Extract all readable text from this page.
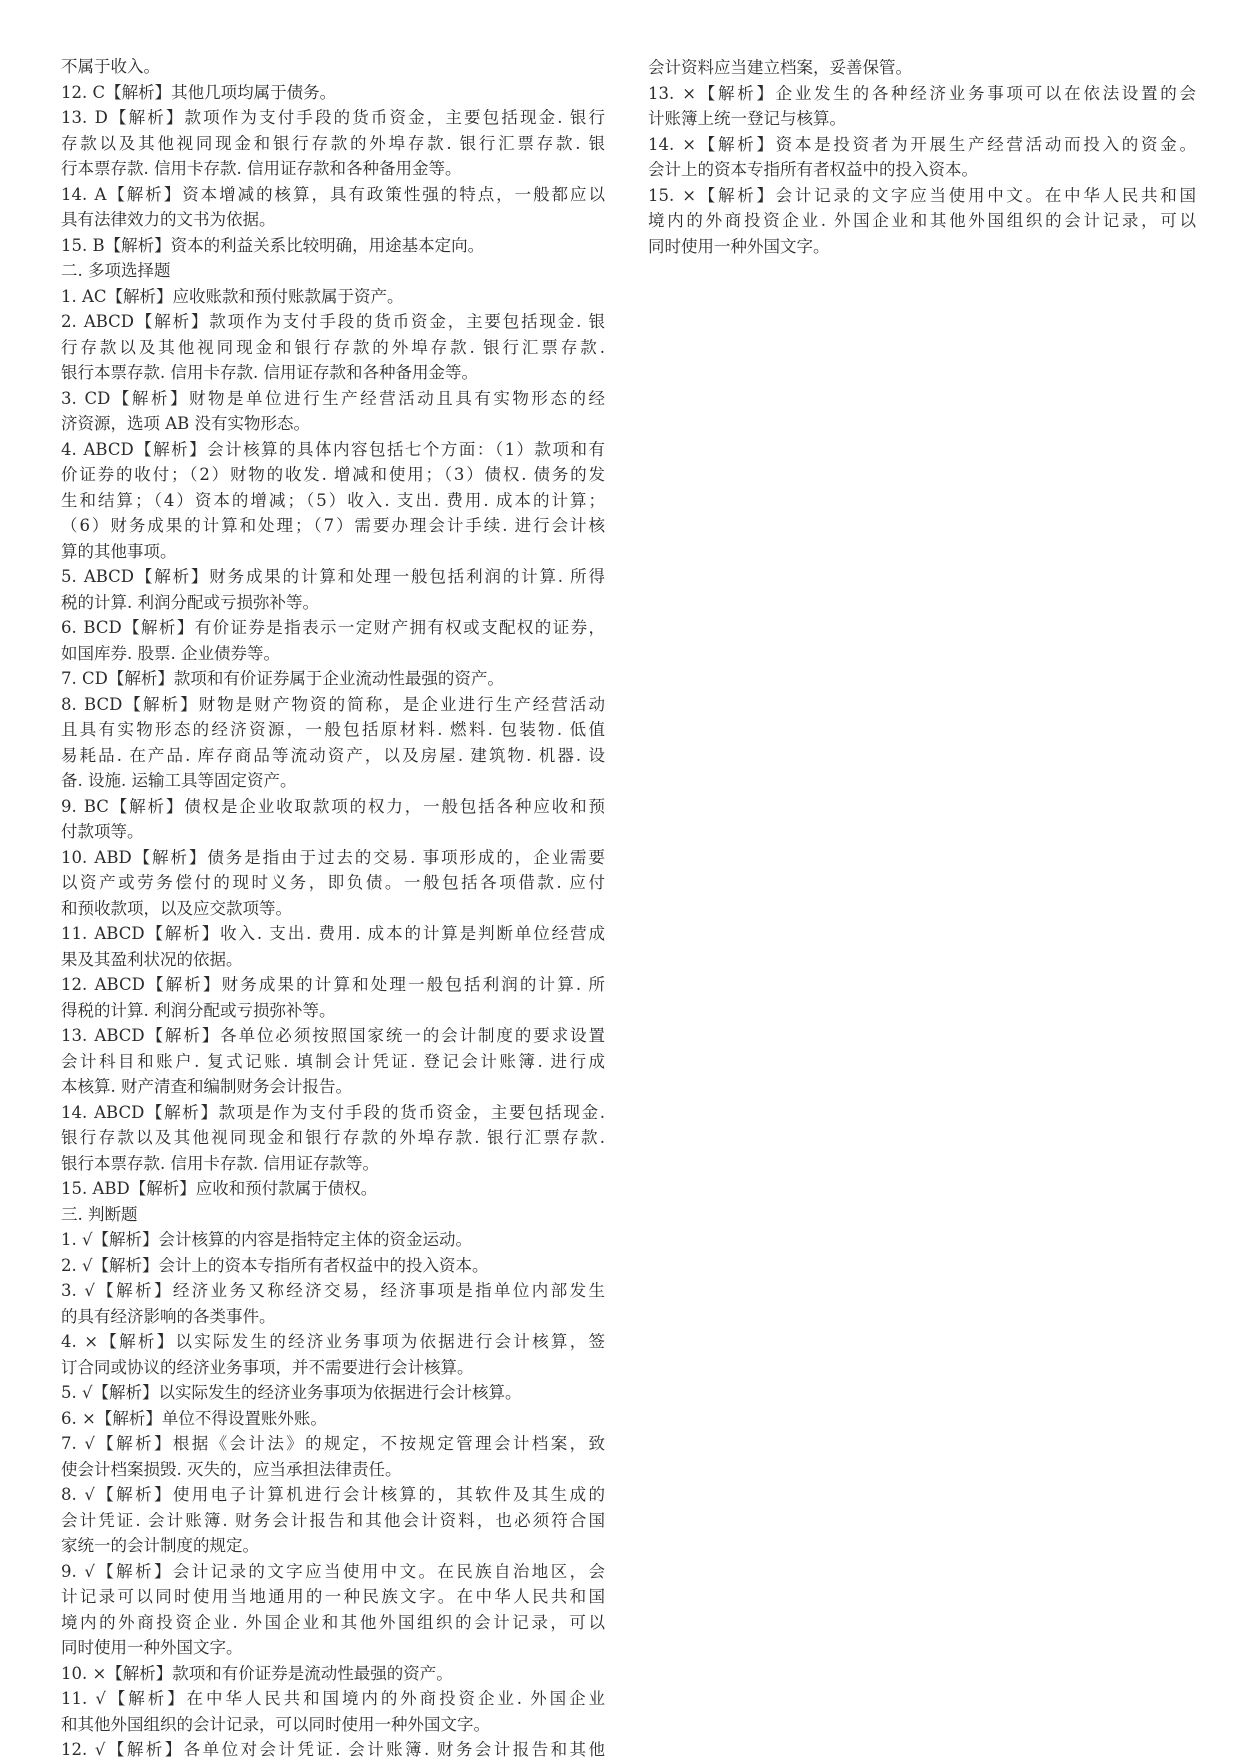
不属于收入。
12. C【解析】其他几项均属于债务。
13. D【解析】款项作为支付手段的货币资金，主要包括现金. 银行
存款以及其他视同现金和银行存款的外埠存款. 银行汇票存款. 银
行本票存款. 信用卡存款. 信用证存款和各种备用金等。
14. A【解析】资本增减的核算，具有政策性强的特点，一般都应以
具有法律效力的文书为依据。
15. B【解析】资本的利益关系比较明确，用途基本定向。
二. 多项选择题
1. AC【解析】应收账款和预付账款属于资产。
2. ABCD【解析】款项作为支付手段的货币资金，主要包括现金. 银
行存款以及其他视同现金和银行存款的外埠存款. 银行汇票存款.
银行本票存款. 信用卡存款. 信用证存款和各种备用金等。
3. CD【解析】财物是单位进行生产经营活动且具有实物形态的经
济资源，选项 AB 没有实物形态。
4. ABCD【解析】会计核算的具体内容包括七个方面：（1）款项和有
价证券的收付；（2）财物的收发. 增减和使用；（3）债权. 债务的发
生和结算；（4）资本的增减；（5）收入. 支出. 费用. 成本的计算；
（6）财务成果的计算和处理；（7）需要办理会计手续. 进行会计核
算的其他事项。
5. ABCD【解析】财务成果的计算和处理一般包括利润的计算. 所得
税的计算. 利润分配或亏损弥补等。
6. BCD【解析】有价证券是指表示一定财产拥有权或支配权的证券，
如国库券. 股票. 企业债券等。
7. CD【解析】款项和有价证券属于企业流动性最强的资产。
8. BCD【解析】财物是财产物资的简称，是企业进行生产经营活动
且具有实物形态的经济资源，一般包括原材料. 燃料. 包装物. 低值
易耗品. 在产品. 库存商品等流动资产，以及房屋. 建筑物. 机器. 设
备. 设施. 运输工具等固定资产。
9. BC【解析】债权是企业收取款项的权力，一般包括各种应收和预
付款项等。
10. ABD【解析】债务是指由于过去的交易. 事项形成的，企业需要
以资产或劳务偿付的现时义务，即负债。一般包括各项借款. 应付
和预收款项，以及应交款项等。
11. ABCD【解析】收入. 支出. 费用. 成本的计算是判断单位经营成
果及其盈利状况的依据。
12. ABCD【解析】财务成果的计算和处理一般包括利润的计算. 所
得税的计算. 利润分配或亏损弥补等。
13. ABCD【解析】各单位必须按照国家统一的会计制度的要求设置
会计科目和账户. 复式记账. 填制会计凭证. 登记会计账簿. 进行成
本核算. 财产清查和编制财务会计报告。
14. ABCD【解析】款项是作为支付手段的货币资金，主要包括现金.
银行存款以及其他视同现金和银行存款的外埠存款. 银行汇票存款.
银行本票存款. 信用卡存款. 信用证存款等。
15. ABD【解析】应收和预付款属于债权。
三. 判断题
1. √【解析】会计核算的内容是指特定主体的资金运动。
2. √【解析】会计上的资本专指所有者权益中的投入资本。
3. √【解析】经济业务又称经济交易，经济事项是指单位内部发生
的具有经济影响的各类事件。
4. ×【解析】以实际发生的经济业务事项为依据进行会计核算，签
订合同或协议的经济业务事项，并不需要进行会计核算。
5. √【解析】以实际发生的经济业务事项为依据进行会计核算。
6. ×【解析】单位不得设置账外账。
7. √【解析】根据《会计法》的规定，不按规定管理会计档案，致
使会计档案损毁. 灭失的，应当承担法律责任。
8. √【解析】使用电子计算机进行会计核算的，其软件及其生成的
会计凭证. 会计账簿. 财务会计报告和其他会计资料，也必须符合国
家统一的会计制度的规定。
9. √【解析】会计记录的文字应当使用中文。在民族自治地区，会
计记录可以同时使用当地通用的一种民族文字。在中华人民共和国
境内的外商投资企业. 外国企业和其他外国组织的会计记录，可以
同时使用一种外国文字。
10. ×【解析】款项和有价证券是流动性最强的资产。
11. √【解析】在中华人民共和国境内的外商投资企业. 外国企业
和其他外国组织的会计记录，可以同时使用一种外国文字。
12. √【解析】各单位对会计凭证. 会计账簿. 财务会计报告和其他
会计资料应当建立档案，妥善保管。
13. ×【解析】企业发生的各种经济业务事项可以在依法设置的会
计账簿上统一登记与核算。
14. ×【解析】资本是投资者为开展生产经营活动而投入的资金。
会计上的资本专指所有者权益中的投入资本。
15. ×【解析】会计记录的文字应当使用中文。在中华人民共和国
境内的外商投资企业. 外国企业和其他外国组织的会计记录，可以
同时使用一种外国文字。
